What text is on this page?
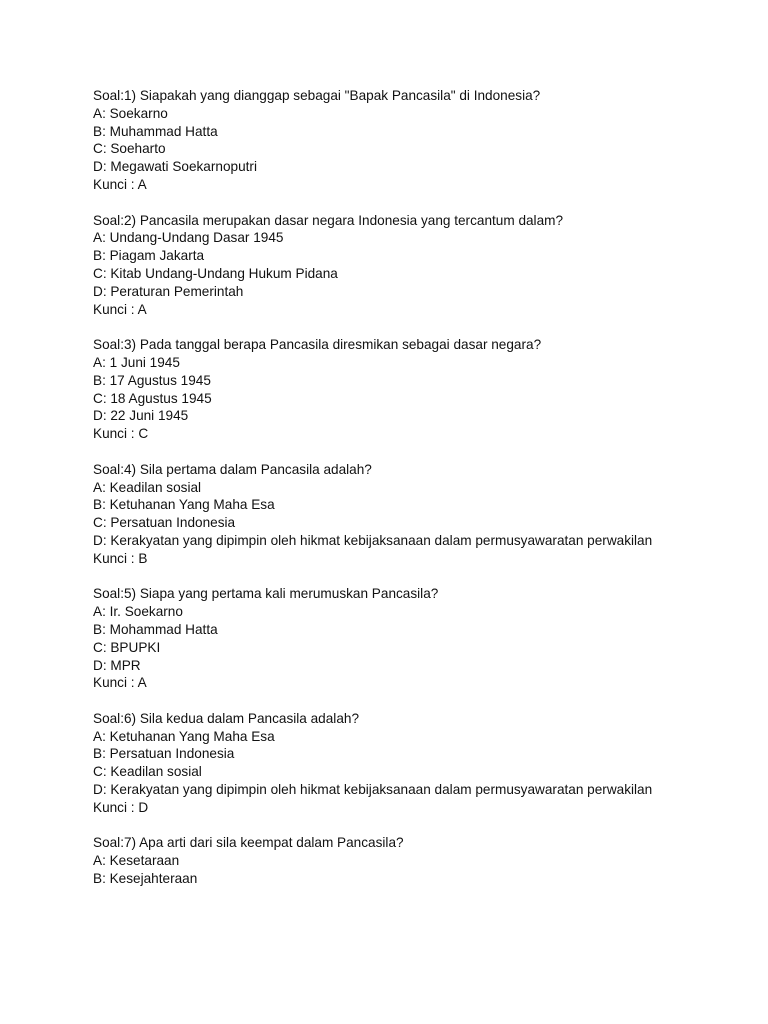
Soal:1) Siapakah yang dianggap sebagai "Bapak Pancasila" di Indonesia?
A: Soekarno
B: Muhammad Hatta
C: Soeharto
D: Megawati Soekarnoputri
Kunci : A
Soal:2) Pancasila merupakan dasar negara Indonesia yang tercantum dalam?
A: Undang-Undang Dasar 1945
B: Piagam Jakarta
C: Kitab Undang-Undang Hukum Pidana
D: Peraturan Pemerintah
Kunci : A
Soal:3) Pada tanggal berapa Pancasila diresmikan sebagai dasar negara?
A: 1 Juni 1945
B: 17 Agustus 1945
C: 18 Agustus 1945
D: 22 Juni 1945
Kunci : C
Soal:4) Sila pertama dalam Pancasila adalah?
A: Keadilan sosial
B: Ketuhanan Yang Maha Esa
C: Persatuan Indonesia
D: Kerakyatan yang dipimpin oleh hikmat kebijaksanaan dalam permusyawaratan perwakilan
Kunci : B
Soal:5) Siapa yang pertama kali merumuskan Pancasila?
A: Ir. Soekarno
B: Mohammad Hatta
C: BPUPKI
D: MPR
Kunci : A
Soal:6) Sila kedua dalam Pancasila adalah?
A: Ketuhanan Yang Maha Esa
B: Persatuan Indonesia
C: Keadilan sosial
D: Kerakyatan yang dipimpin oleh hikmat kebijaksanaan dalam permusyawaratan perwakilan
Kunci : D
Soal:7) Apa arti dari sila keempat dalam Pancasila?
A: Kesetaraan
B: Kesejahteraan
